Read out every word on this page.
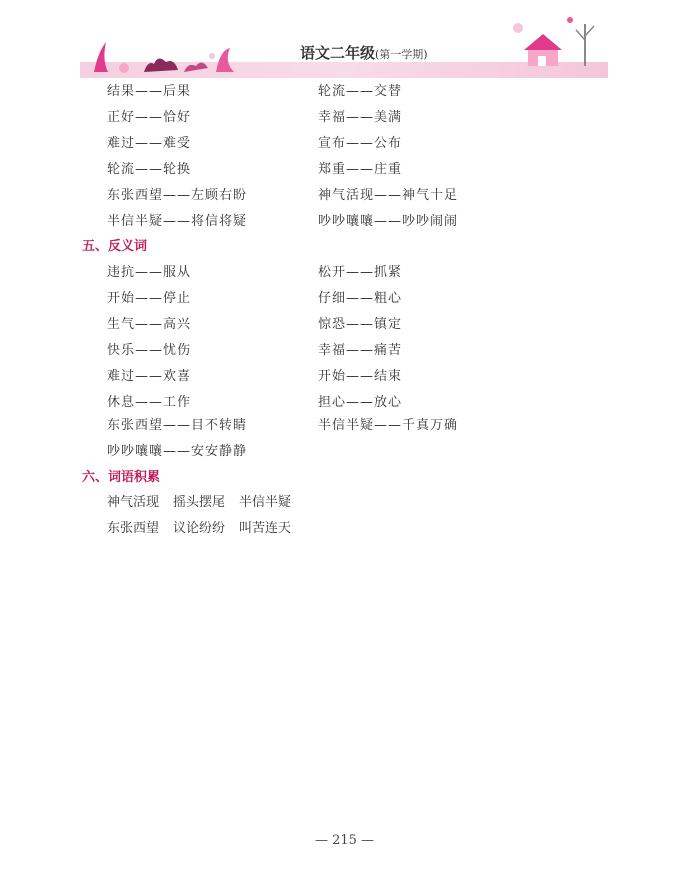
语文二年级(第一学期)
结果——后果
正好——恰好
难过——难受
轮流——轮换
东张西望——左顾右盼
半信半疑——将信将疑
轮流——交替
幸福——美满
宣布——公布
郑重——庄重
神气活现——神气十足
吵吵嚷嚷——吵吵闹闹
五、反义词
违抗——服从
开始——停止
生气——高兴
快乐——忧伤
难过——欢喜
休息——工作
东张西望——目不转睛
吵吵嚷嚷——安安静静
松开——抓紧
仔细——粗心
惊恐——镇定
幸福——痛苦
开始——结束
担心——放心
半信半疑——千真万确
六、词语积累
神气活现 摇头摆尾 半信半疑
东张西望 议论纷纷 叫苦连天
— 215 —
